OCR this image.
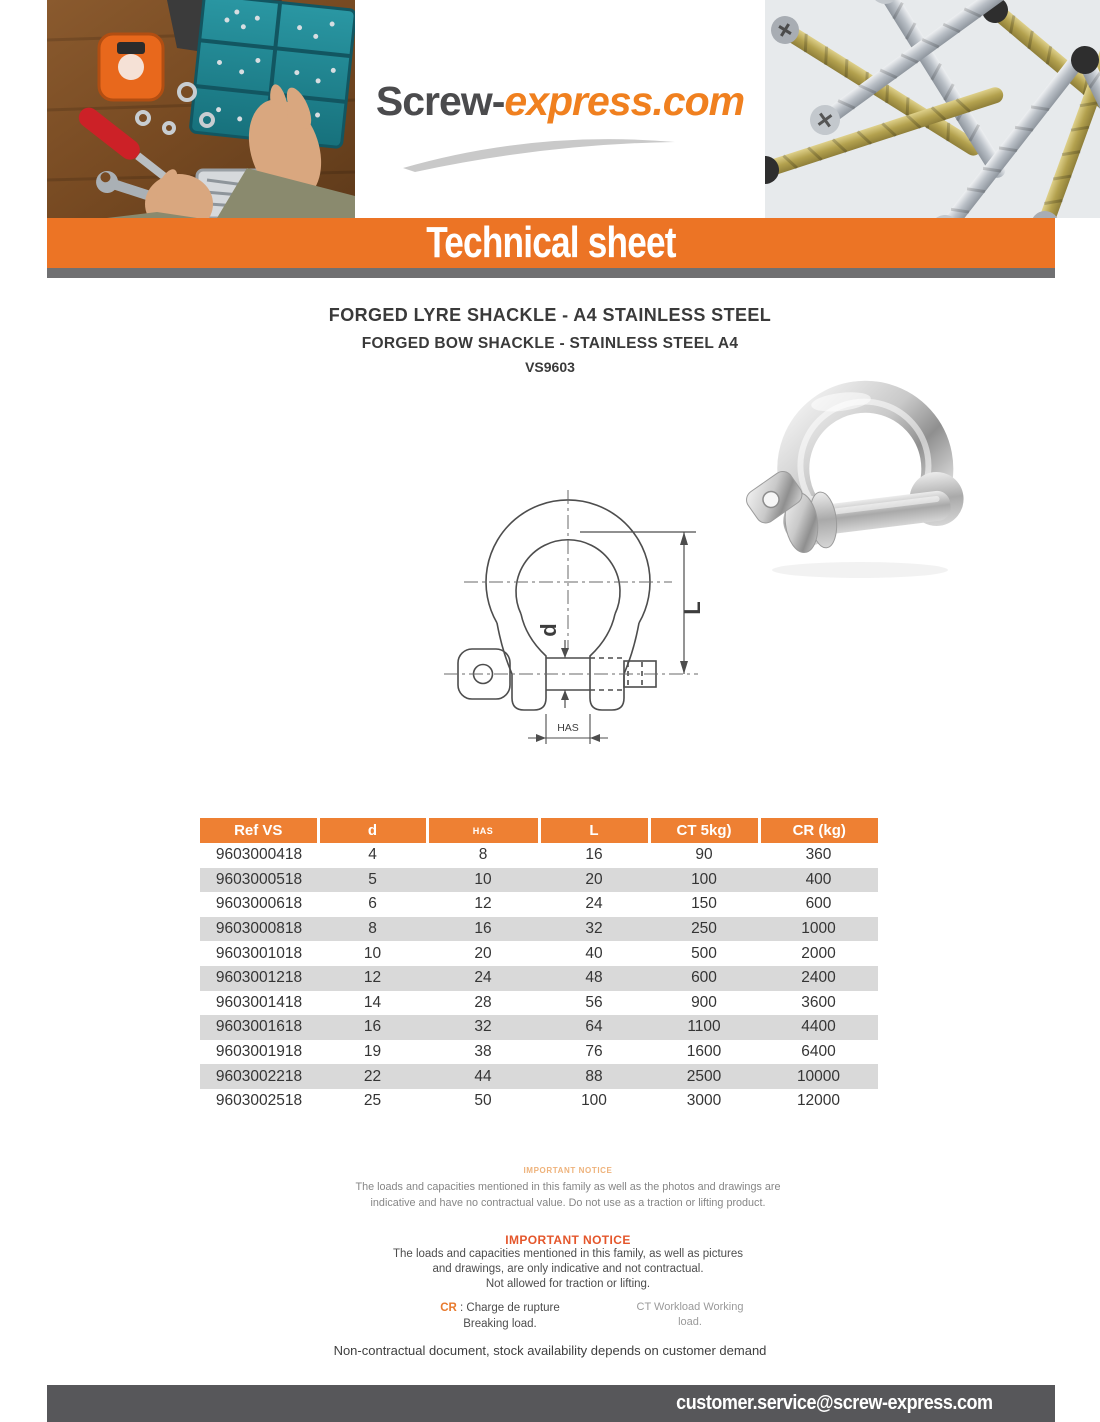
Screw-express.com
Technical sheet
FORGED LYRE SHACKLE - A4 STAINLESS STEEL
FORGED BOW SHACKLE - STAINLESS STEEL A4
VS9603
L
d
HAS
Ref VS	d	HAS	L	CT 5kg)	CR (kg)
9603000418	4	8	16	90	360
9603000518	5	10	20	100	400
9603000618	6	12	24	150	600
9603000818	8	16	32	250	1000
9603001018	10	20	40	500	2000
9603001218	12	24	48	600	2400
9603001418	14	28	56	900	3600
9603001618	16	32	64	1100	4400
9603001918	19	38	76	1600	6400
9603002218	22	44	88	2500	10000
9603002518	25	50	100	3000	12000
IMPORTANT NOTICE
The loads and capacities mentioned in this family as well as the photos and drawings are indicative and have no contractual value. Do not use as a traction or lifting product.
IMPORTANT NOTICE
The loads and capacities mentioned in this family, as well as pictures
and drawings, are only indicative and not contractual.
Not allowed for traction or lifting.
CR : Charge de rupture
Breaking load.
CT Workload Working
load.
Non-contractual document, stock availability depends on customer demand
customer.service@screw-express.com
